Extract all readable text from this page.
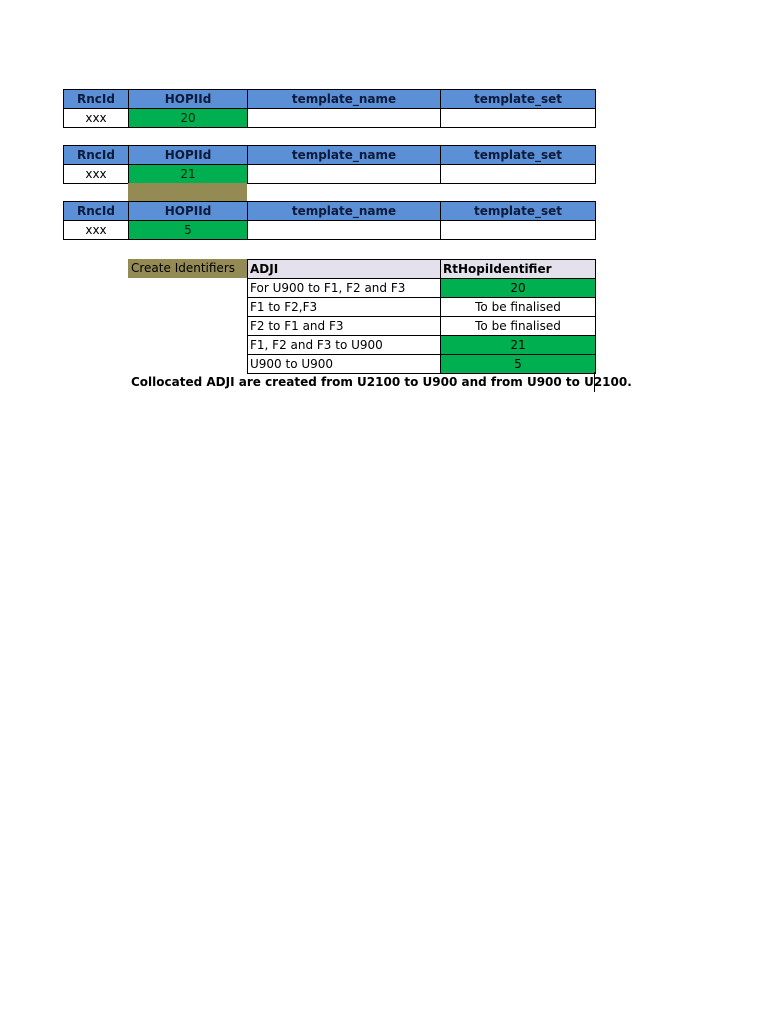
RncId	HOPIId	template_name	template_set
xxx	20		
RncId	HOPIId	template_name	template_set
xxx	21		
RncId	HOPIId	template_name	template_set
xxx	5		
Create Identifiers	ADJI	RtHopiIdentifier
For U900 to F1, F2 and F3	20
F1 to F2,F3	To be finalised
F2 to F1 and F3	To be finalised
F1, F2 and F3 to U900	21
U900 to U900	5
Collocated ADJI are created from U2100 to U900 and from U900 to U2100.
